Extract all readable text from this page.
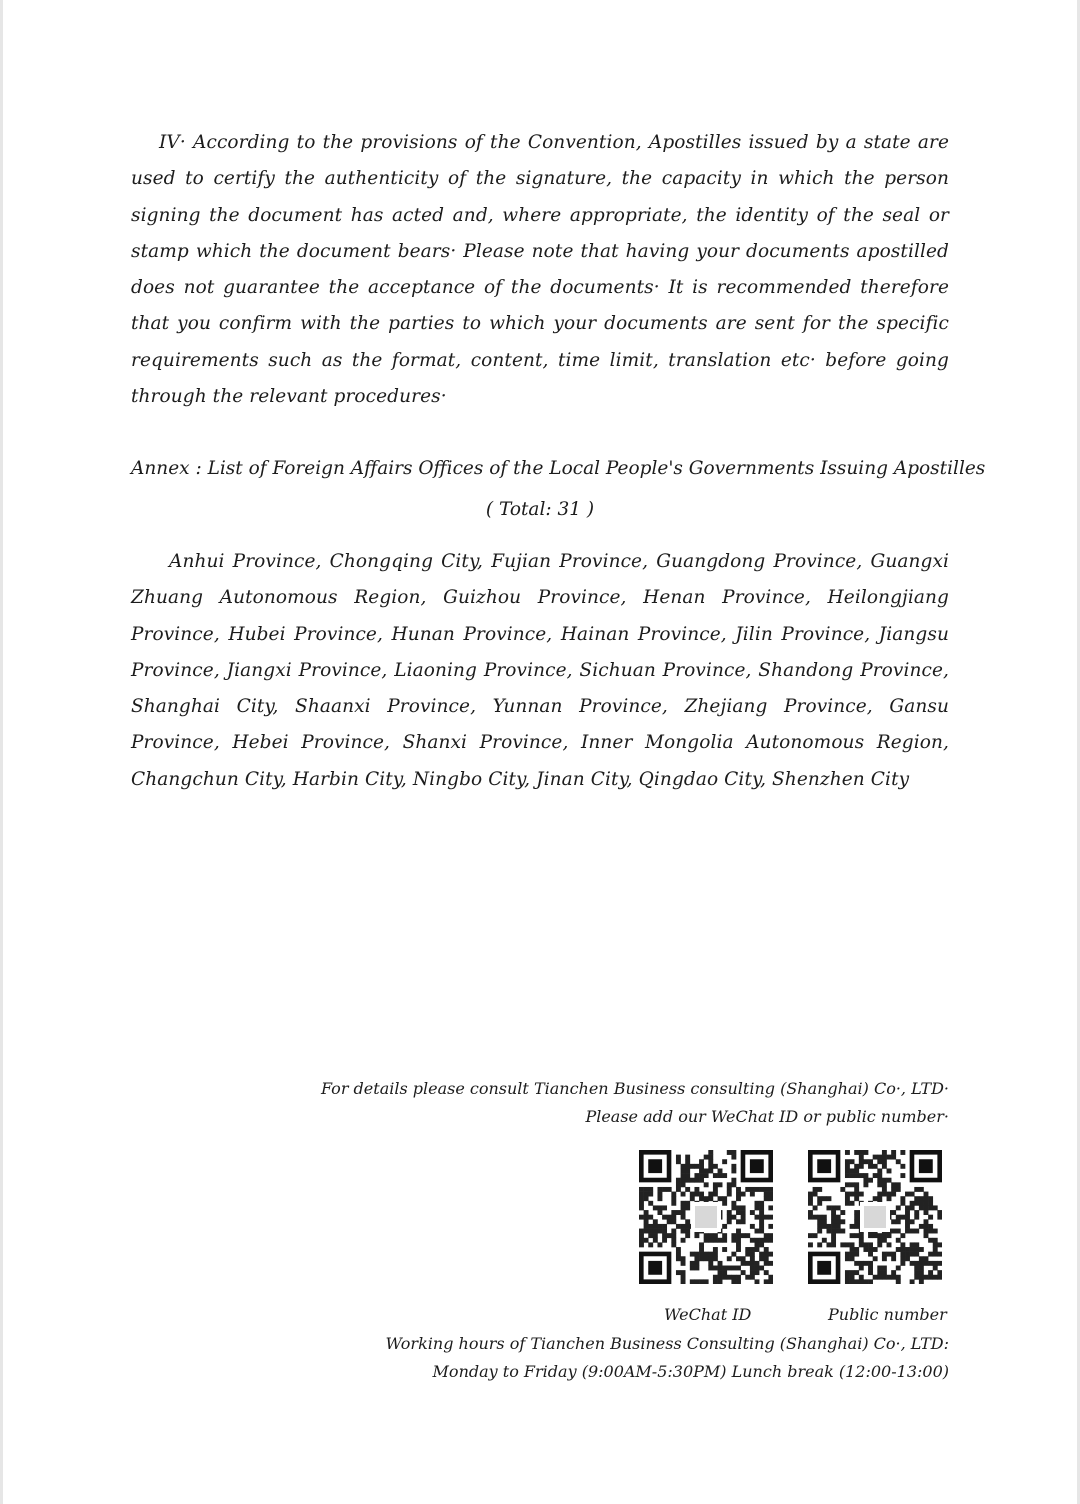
IV· According to the provisions of the Convention, Apostilles issued by a state are used to certify the authenticity of the signature, the capacity in which the person signing the document has acted and, where appropriate, the identity of the seal or stamp which the document bears· Please note that having your documents apostilled does not guarantee the acceptance of the documents· It is recommended therefore that you confirm with the parties to which your documents are sent for the specific requirements such as the format, content, time limit, translation etc· before going through the relevant procedures·

Annex : List of Foreign Affairs Offices of the Local People's Governments Issuing Apostilles

( Total: 31 )

Anhui Province, Chongqing City, Fujian Province, Guangdong Province, Guangxi Zhuang Autonomous Region, Guizhou Province, Henan Province, Heilongjiang Province, Hubei Province, Hunan Province, Hainan Province, Jilin Province, Jiangsu Province, Jiangxi Province, Liaoning Province, Sichuan Province, Shandong Province, Shanghai City, Shaanxi Province, Yunnan Province, Zhejiang Province, Gansu Province, Hebei Province, Shanxi Province, Inner Mongolia Autonomous Region, Changchun City, Harbin City, Ningbo City, Jinan City, Qingdao City, Shenzhen City

For details please consult Tianchen Business consulting (Shanghai) Co·, LTD·
Please add our WeChat ID or public number·
WeChat ID	Public number
Working hours of Tianchen Business Consulting (Shanghai) Co·, LTD:
Monday to Friday (9:00AM-5:30PM) Lunch break (12:00-13:00)
